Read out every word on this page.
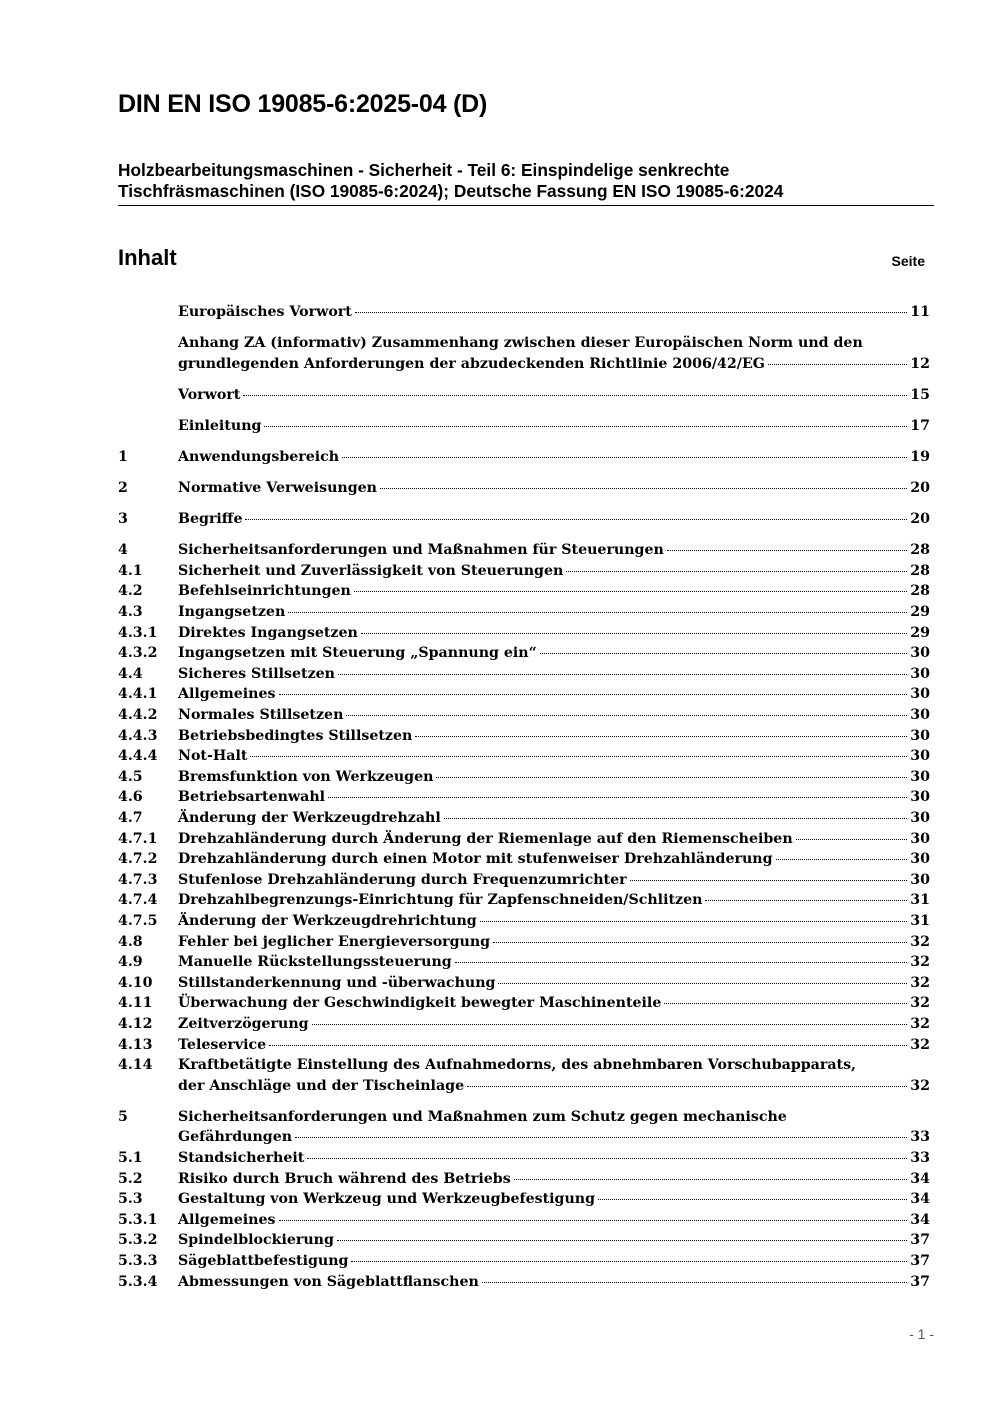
DIN EN ISO 19085-6:2025-04 (D)
Holzbearbeitungsmaschinen - Sicherheit - Teil 6: Einspindelige senkrechte
Tischfräsmaschinen (ISO 19085-6:2024); Deutsche Fassung EN ISO 19085-6:2024
Inhalt	Seite
Europäisches Vorwort	11
Anhang ZA (informativ) Zusammenhang zwischen dieser Europäischen Norm und den
grundlegenden Anforderungen der abzudeckenden Richtlinie 2006/42/EG	12
Vorwort	15
Einleitung	17
1	Anwendungsbereich	19
2	Normative Verweisungen	20
3	Begriffe	20
4	Sicherheitsanforderungen und Maßnahmen für Steuerungen	28
4.1	Sicherheit und Zuverlässigkeit von Steuerungen	28
4.2	Befehlseinrichtungen	28
4.3	Ingangsetzen	29
4.3.1	Direktes Ingangsetzen	29
4.3.2	Ingangsetzen mit Steuerung „Spannung ein“	30
4.4	Sicheres Stillsetzen	30
4.4.1	Allgemeines	30
4.4.2	Normales Stillsetzen	30
4.4.3	Betriebsbedingtes Stillsetzen	30
4.4.4	Not-Halt	30
4.5	Bremsfunktion von Werkzeugen	30
4.6	Betriebsartenwahl	30
4.7	Änderung der Werkzeugdrehzahl	30
4.7.1	Drehzahländerung durch Änderung der Riemenlage auf den Riemenscheiben	30
4.7.2	Drehzahländerung durch einen Motor mit stufenweiser Drehzahländerung	30
4.7.3	Stufenlose Drehzahländerung durch Frequenzumrichter	30
4.7.4	Drehzahlbegrenzungs-Einrichtung für Zapfenschneiden/Schlitzen	31
4.7.5	Änderung der Werkzeugdrehrichtung	31
4.8	Fehler bei jeglicher Energieversorgung	32
4.9	Manuelle Rückstellungssteuerung	32
4.10	Stillstanderkennung und -überwachung	32
4.11	Überwachung der Geschwindigkeit bewegter Maschinenteile	32
4.12	Zeitverzögerung	32
4.13	Teleservice	32
4.14	Kraftbetätigte Einstellung des Aufnahmedorns, des abnehmbaren Vorschubapparats,
der Anschläge und der Tischeinlage	32
5	Sicherheitsanforderungen und Maßnahmen zum Schutz gegen mechanische
Gefährdungen	33
5.1	Standsicherheit	33
5.2	Risiko durch Bruch während des Betriebs	34
5.3	Gestaltung von Werkzeug und Werkzeugbefestigung	34
5.3.1	Allgemeines	34
5.3.2	Spindelblockierung	37
5.3.3	Sägeblattbefestigung	37
5.3.4	Abmessungen von Sägeblattflanschen	37
- 1 -
